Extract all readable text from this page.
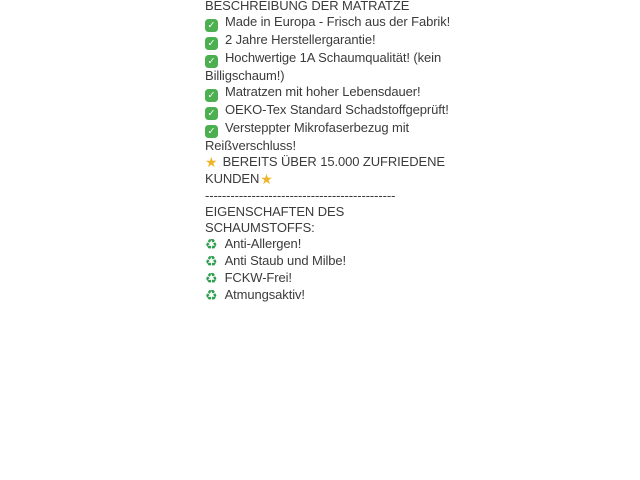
BESCHREIBUNG DER MATRATZE

✓ Made in Europa - Frisch aus der Fabrik!

✓ 2 Jahre Herstellergarantie!

✓ Hochwertige 1A Schaumqualität! (kein Billigschaum!)

✓ Matratzen mit hoher Lebensdauer!

✓ OEKO-Tex Standard Schadstoffgeprüft!

✓ Versteppter Mikrofaserbezug mit Reißverschluss!

★ BEREITS ÜBER 15.000 ZUFRIEDENE KUNDEN★

---------------------------------------------

EIGENSCHAFTEN DES SCHAUMSTOFFS:

♻ Anti-Allergen!

♻ Anti Staub und Milbe!

♻ FCKW-Frei!

♻ Atmungsaktiv!
